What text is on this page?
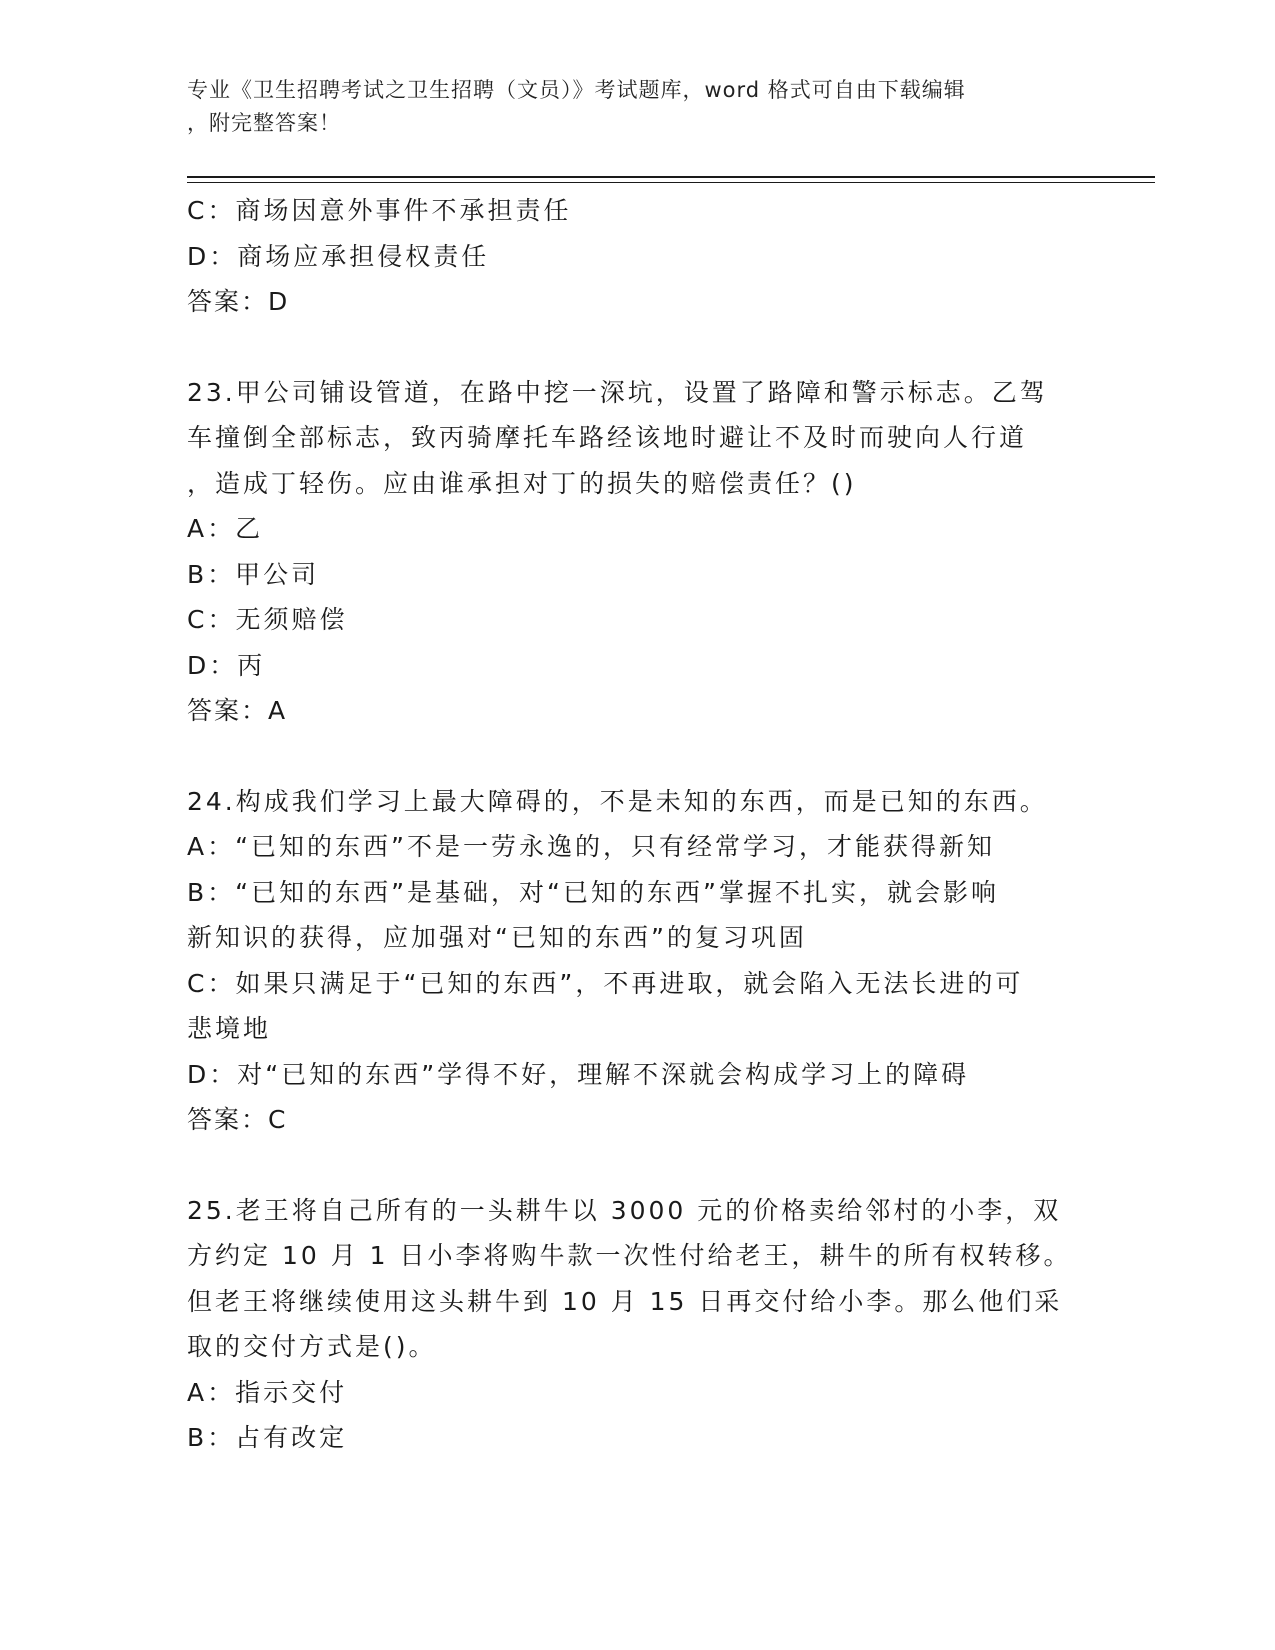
专业《卫生招聘考试之卫生招聘（文员）》考试题库，word 格式可自由下载编辑
，附完整答案！
C：商场因意外事件不承担责任
D：商场应承担侵权责任
答案：D
23.甲公司铺设管道，在路中挖一深坑，设置了路障和警示标志。乙驾
车撞倒全部标志，致丙骑摩托车路经该地时避让不及时而驶向人行道
，造成丁轻伤。应由谁承担对丁的损失的赔偿责任？()
A：乙
B：甲公司
C：无须赔偿
D：丙
答案：A
24.构成我们学习上最大障碍的，不是未知的东西，而是已知的东西。
A：“已知的东西”不是一劳永逸的，只有经常学习，才能获得新知
B：“已知的东西”是基础，对“已知的东西”掌握不扎实，就会影响
新知识的获得，应加强对“已知的东西”的复习巩固
C：如果只满足于“已知的东西”，不再进取，就会陷入无法长进的可
悲境地
D：对“已知的东西”学得不好，理解不深就会构成学习上的障碍
答案：C
25.老王将自己所有的一头耕牛以 3000 元的价格卖给邻村的小李，双
方约定 10 月 1 日小李将购牛款一次性付给老王，耕牛的所有权转移。
但老王将继续使用这头耕牛到 10 月 15 日再交付给小李。那么他们采
取的交付方式是()。
A：指示交付
B：占有改定
